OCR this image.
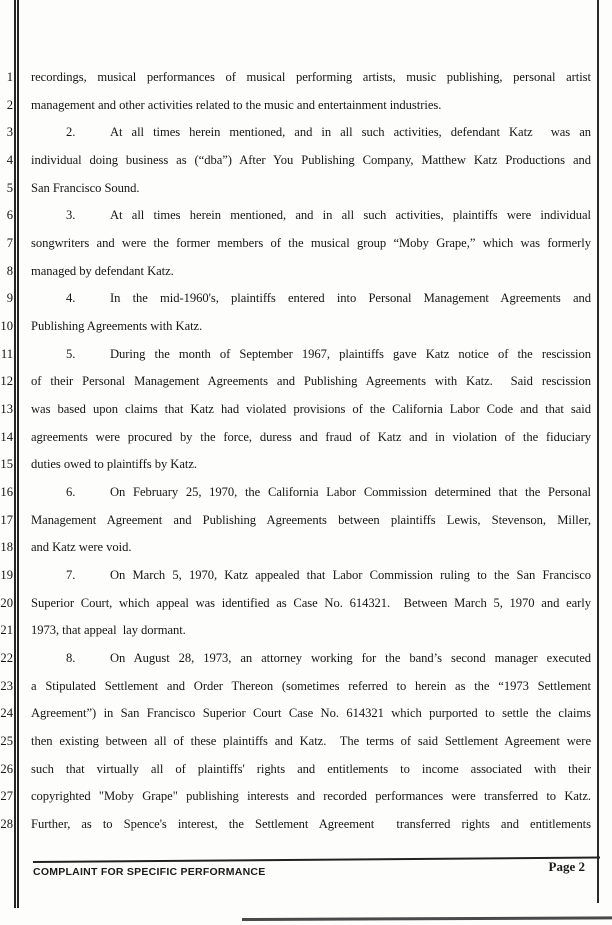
1
2
3
4
5
6
7
8
9
10
11
12
13
14
15
16
17
18
19
20
21
22
23
24
25
26
27
28
recordings, musical performances of musical performing artists, music publishing, personal artist
management and other activities related to the music and entertainment industries.
2.	At all times herein mentioned, and in all such activities, defendant Katz  was an
individual doing business as (“dba”) After You Publishing Company, Matthew Katz Productions and
San Francisco Sound.
3.	At all times herein mentioned, and in all such activities, plaintiffs were individual
songwriters and were the former members of the musical group “Moby Grape,” which was formerly
managed by defendant Katz.
4.	In the mid-1960's, plaintiffs entered into Personal Management Agreements and
Publishing Agreements with Katz.
5.	During the month of September 1967, plaintiffs gave Katz notice of the rescission
of their Personal Management Agreements and Publishing Agreements with Katz.  Said rescission
was based upon claims that Katz had violated provisions of the California Labor Code and that said
agreements were procured by the force, duress and fraud of Katz and in violation of the fiduciary
duties owed to plaintiffs by Katz.
6.	On February 25, 1970, the California Labor Commission determined that the Personal
Management Agreement and Publishing Agreements between plaintiffs Lewis, Stevenson, Miller,
and Katz were void.
7.	On March 5, 1970, Katz appealed that Labor Commission ruling to the San Francisco
Superior Court, which appeal was identified as Case No. 614321.  Between March 5, 1970 and early
1973, that appeal  lay dormant.
8.	On August 28, 1973, an attorney working for the band’s second manager executed
a Stipulated Settlement and Order Thereon (sometimes referred to herein as the “1973 Settlement
Agreement”) in San Francisco Superior Court Case No. 614321 which purported to settle the claims
then existing between all of these plaintiffs and Katz.  The terms of said Settlement Agreement were
such that virtually all of plaintiffs' rights and entitlements to income associated with their
copyrighted "Moby Grape" publishing interests and recorded performances were transferred to Katz.
Further, as to Spence's interest, the Settlement Agreement  transferred rights and entitlements
COMPLAINT FOR SPECIFIC PERFORMANCE	Page 2
